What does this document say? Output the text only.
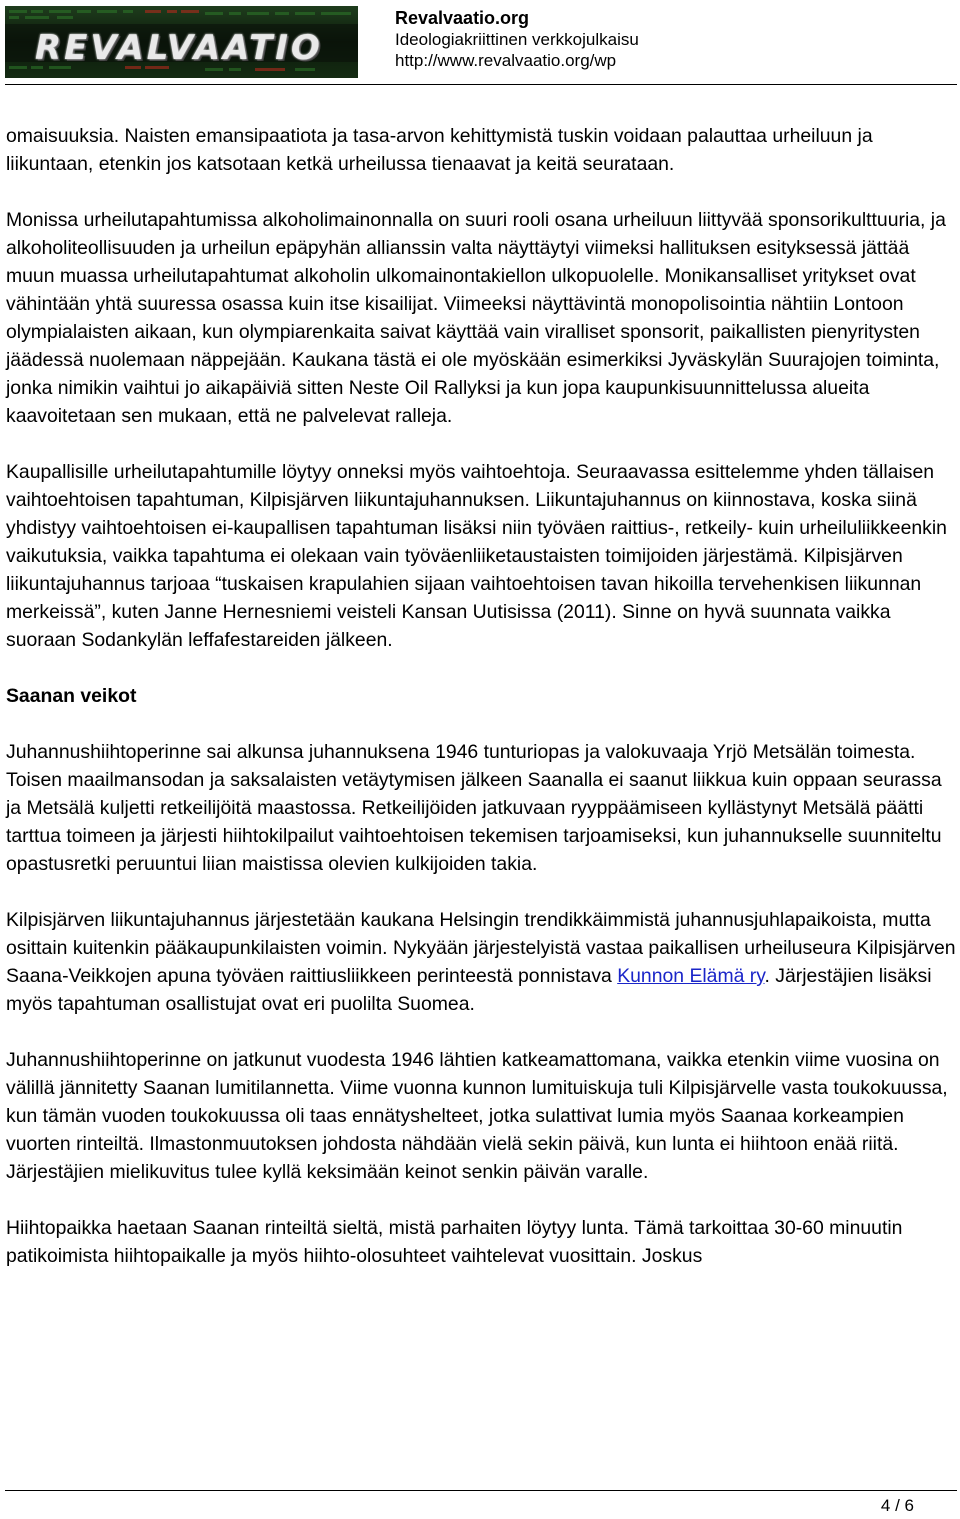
REVALVAATIO
Revalvaatio.org
Ideologiakriittinen verkkojulkaisu
http://www.revalvaatio.org/wp

omaisuuksia. Naisten emansipaatiota ja tasa-arvon kehittymistä tuskin voidaan palauttaa urheiluun ja liikuntaan, etenkin jos katsotaan ketkä urheilussa tienaavat ja keitä seurataan.

Monissa urheilutapahtumissa alkoholimainonnalla on suuri rooli osana urheiluun liittyvää sponsorikulttuuria, ja alkoholiteollisuuden ja urheilun epäpyhän allianssin valta näyttäytyi viimeksi hallituksen esityksessä jättää muun muassa urheilutapahtumat alkoholin ulkomainontakiellon ulkopuolelle. Monikansalliset yritykset ovat vähintään yhtä suuressa osassa kuin itse kisailijat. Viimeeksi näyttävintä monopolisointia nähtiin Lontoon olympialaisten aikaan, kun olympiarenkaita saivat käyttää vain viralliset sponsorit, paikallisten pienyritysten jäädessä nuolemaan näppejään. Kaukana tästä ei ole myöskään esimerkiksi Jyväskylän Suurajojen toiminta, jonka nimikin vaihtui jo aikapäiviä sitten Neste Oil Rallyksi ja kun jopa kaupunkisuunnittelussa alueita kaavoitetaan sen mukaan, että ne palvelevat ralleja.

Kaupallisille urheilutapahtumille löytyy onneksi myös vaihtoehtoja. Seuraavassa esittelemme yhden tällaisen vaihtoehtoisen tapahtuman, Kilpisjärven liikuntajuhannuksen. Liikuntajuhannus on kiinnostava, koska siinä yhdistyy vaihtoehtoisen ei-kaupallisen tapahtuman lisäksi niin työväen raittius-, retkeily- kuin urheiluliikkeenkin vaikutuksia, vaikka tapahtuma ei olekaan vain työväenliiketaustaisten toimijoiden järjestämä. Kilpisjärven liikuntajuhannus tarjoaa “tuskaisen krapulahien sijaan vaihtoehtoisen tavan hikoilla tervehenkisen liikunnan merkeissä”, kuten Janne Hernesniemi veisteli Kansan Uutisissa (2011). Sinne on hyvä suunnata vaikka suoraan Sodankylän leffafestareiden jälkeen.

Saanan veikot

Juhannushiihtoperinne sai alkunsa juhannuksena 1946 tunturiopas ja valokuvaaja Yrjö Metsälän toimesta. Toisen maailmansodan ja saksalaisten vetäytymisen jälkeen Saanalla ei saanut liikkua kuin oppaan seurassa ja Metsälä kuljetti retkeilijöitä maastossa. Retkeilijöiden jatkuvaan ryyppäämiseen kyllästynyt Metsälä päätti tarttua toimeen ja järjesti hiihtokilpailut vaihtoehtoisen tekemisen tarjoamiseksi, kun juhannukselle suunniteltu opastusretki peruuntui liian maistissa olevien kulkijoiden takia.

Kilpisjärven liikuntajuhannus järjestetään kaukana Helsingin trendikkäimmistä juhannusjuhlapaikoista, mutta osittain kuitenkin pääkaupunkilaisten voimin. Nykyään järjestelyistä vastaa paikallisen urheiluseura Kilpisjärven Saana-Veikkojen apuna työväen raittiusliikkeen perinteestä ponnistava Kunnon Elämä ry. Järjestäjien lisäksi myös tapahtuman osallistujat ovat eri puolilta Suomea.

Juhannushiihtoperinne on jatkunut vuodesta 1946 lähtien katkeamattomana, vaikka etenkin viime vuosina on välillä jännitetty Saanan lumitilannetta. Viime vuonna kunnon lumituiskuja tuli Kilpisjärvelle vasta toukokuussa, kun tämän vuoden toukokuussa oli taas ennätyshelteet, jotka sulattivat lumia myös Saanaa korkeampien vuorten rinteiltä. Ilmastonmuutoksen johdosta nähdään vielä sekin päivä, kun lunta ei hiihtoon enää riitä. Järjestäjien mielikuvitus tulee kyllä keksimään keinot senkin päivän varalle.

Hiihtopaikka haetaan Saanan rinteiltä sieltä, mistä parhaiten löytyy lunta. Tämä tarkoittaa 30-60 minuutin patikoimista hiihtopaikalle ja myös hiihto-olosuhteet vaihtelevat vuosittain. Joskus

4 / 6
